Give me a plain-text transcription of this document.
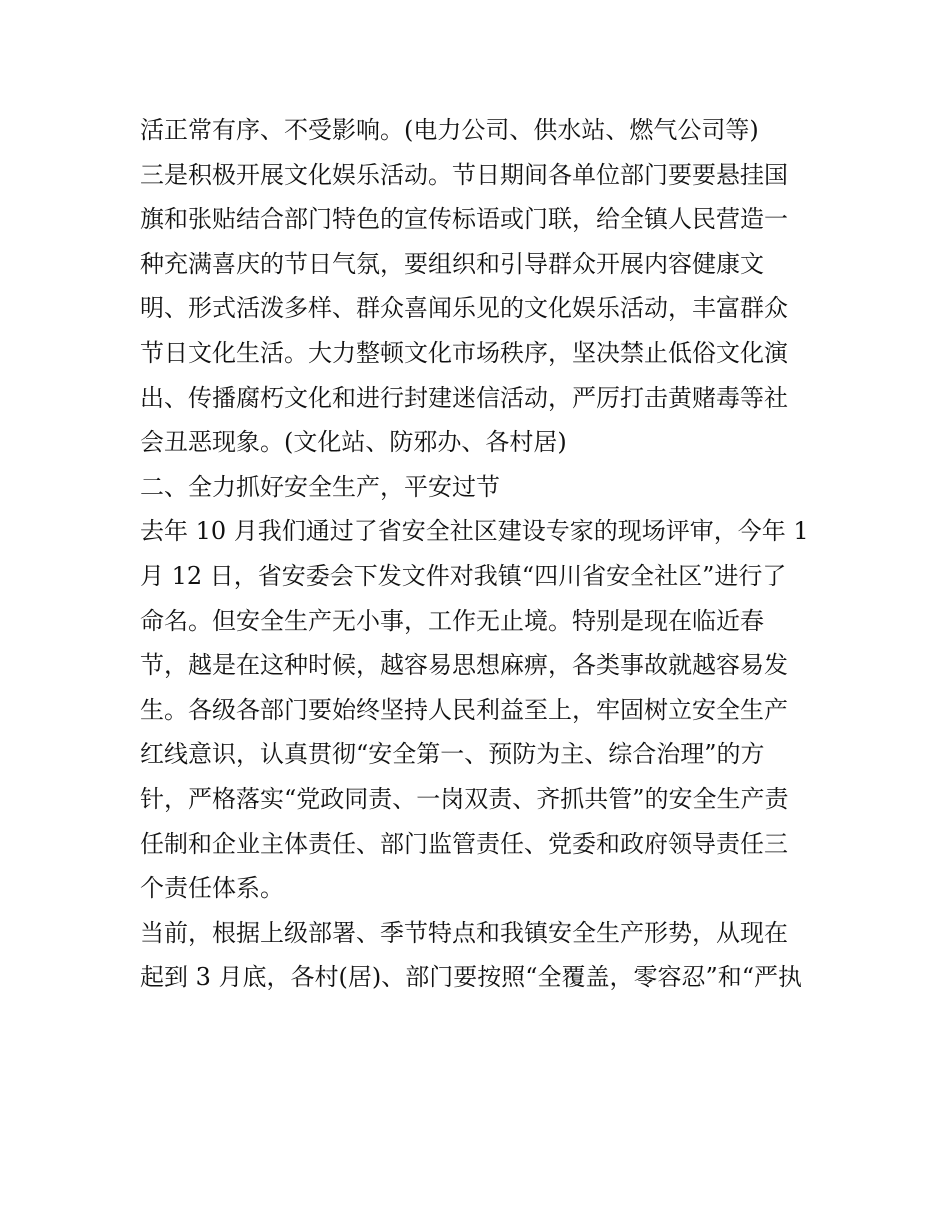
活正常有序、不受影响。(电力公司、供水站、燃气公司等)
三是积极开展文化娱乐活动。节日期间各单位部门要要悬挂国
旗和张贴结合部门特色的宣传标语或门联，给全镇人民营造一
种充满喜庆的节日气氛，要组织和引导群众开展内容健康文
明、形式活泼多样、群众喜闻乐见的文化娱乐活动，丰富群众
节日文化生活。大力整顿文化市场秩序，坚决禁止低俗文化演
出、传播腐朽文化和进行封建迷信活动，严厉打击黄赌毒等社
会丑恶现象。(文化站、防邪办、各村居)
二、全力抓好安全生产，平安过节
去年 10 月我们通过了省安全社区建设专家的现场评审，今年 1
月 12 日，省安委会下发文件对我镇“四川省安全社区”进行了
命名。但安全生产无小事，工作无止境。特别是现在临近春
节，越是在这种时候，越容易思想麻痹，各类事故就越容易发
生。各级各部门要始终坚持人民利益至上，牢固树立安全生产
红线意识，认真贯彻“安全第一、预防为主、综合治理”的方
针，严格落实“党政同责、一岗双责、齐抓共管”的安全生产责
任制和企业主体责任、部门监管责任、党委和政府领导责任三
个责任体系。
当前，根据上级部署、季节特点和我镇安全生产形势，从现在
起到 3 月底，各村(居)、部门要按照“全覆盖，零容忍”和“严执
